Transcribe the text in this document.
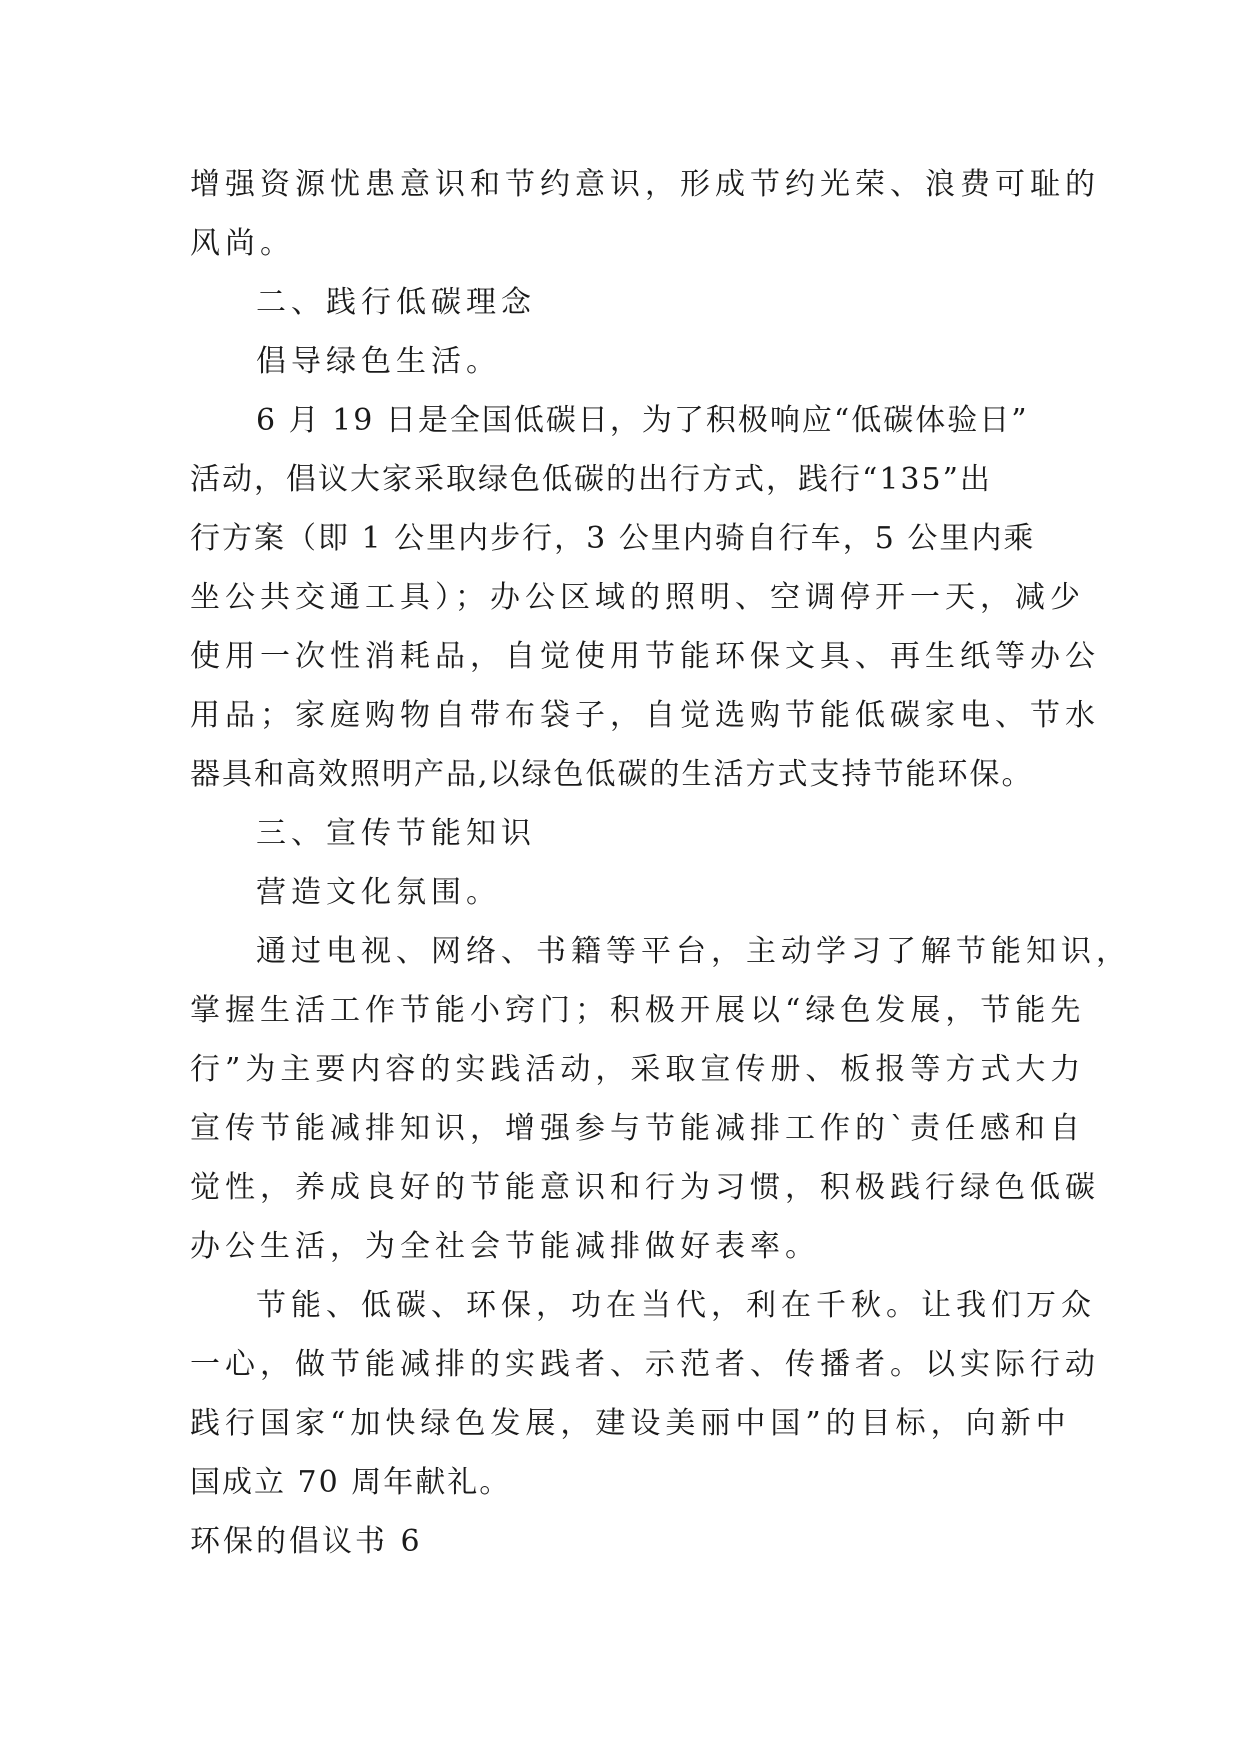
增强资源忧患意识和节约意识，形成节约光荣、浪费可耻的
风尚。
二、践行低碳理念
倡导绿色生活。
6 月 19 日是全国低碳日，为了积极响应“低碳体验日”
活动，倡议大家采取绿色低碳的出行方式，践行“135”出
行方案（即 1 公里内步行，3 公里内骑自行车，5 公里内乘
坐公共交通工具）；办公区域的照明、空调停开一天，减少
使用一次性消耗品，自觉使用节能环保文具、再生纸等办公
用品；家庭购物自带布袋子，自觉选购节能低碳家电、节水
器具和高效照明产品,以绿色低碳的生活方式支持节能环保。
三、宣传节能知识
营造文化氛围。
通过电视、网络、书籍等平台，主动学习了解节能知识，
掌握生活工作节能小窍门；积极开展以“绿色发展，节能先
行”为主要内容的实践活动，采取宣传册、板报等方式大力
宣传节能减排知识，增强参与节能减排工作的`责任感和自
觉性，养成良好的节能意识和行为习惯，积极践行绿色低碳
办公生活，为全社会节能减排做好表率。
节能、低碳、环保，功在当代，利在千秋。让我们万众
一心，做节能减排的实践者、示范者、传播者。以实际行动
践行国家“加快绿色发展，建设美丽中国”的目标，向新中
国成立 70 周年献礼。
环保的倡议书 6
